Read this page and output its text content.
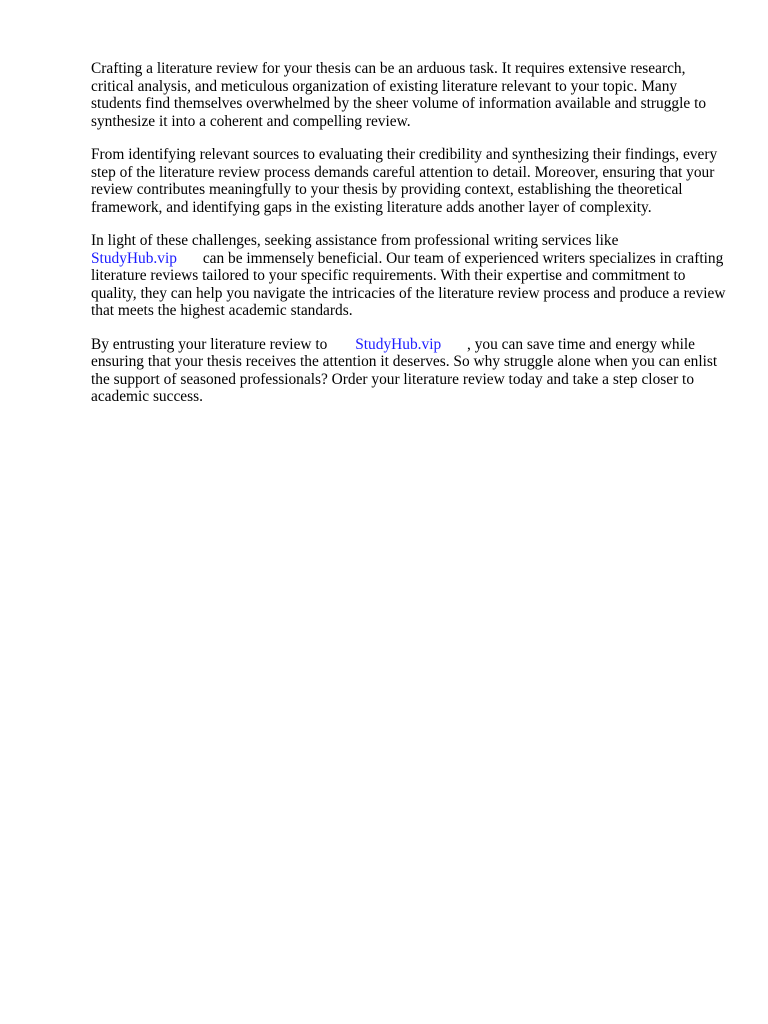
Crafting a literature review for your thesis can be an arduous task. It requires extensive research, critical analysis, and meticulous organization of existing literature relevant to your topic. Many students find themselves overwhelmed by the sheer volume of information available and struggle to synthesize it into a coherent and compelling review.

From identifying relevant sources to evaluating their credibility and synthesizing their findings, every step of the literature review process demands careful attention to detail. Moreover, ensuring that your review contributes meaningfully to your thesis by providing context, establishing the theoretical framework, and identifying gaps in the existing literature adds another layer of complexity.

In light of these challenges, seeking assistance from professional writing services like
StudyHub.vip can be immensely beneficial. Our team of experienced writers specializes in crafting literature reviews tailored to your specific requirements. With their expertise and commitment to quality, they can help you navigate the intricacies of the literature review process and produce a review that meets the highest academic standards.

By entrusting your literature review to StudyHub.vip , you can save time and energy while ensuring that your thesis receives the attention it deserves. So why struggle alone when you can enlist the support of seasoned professionals? Order your literature review today and take a step closer to academic success.
